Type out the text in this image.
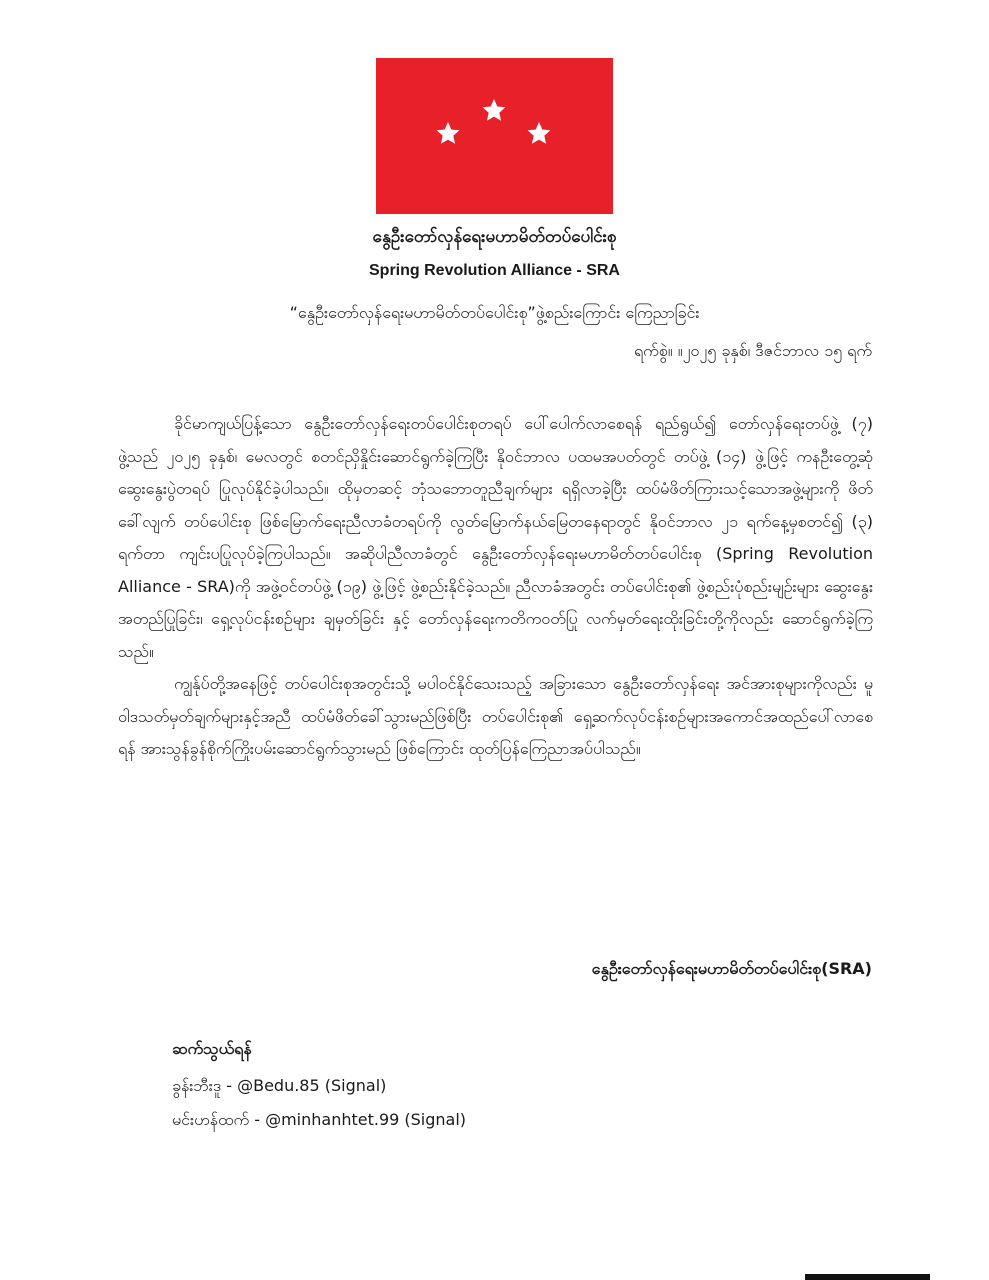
နွေဦးတော်လှန်ရေးမဟာမိတ်တပ်ပေါင်းစု
Spring Revolution Alliance - SRA
“နွေဦးတော်လှန်ရေးမဟာမိတ်တပ်ပေါင်းစု”ဖွဲ့စည်းကြောင်း ကြေညာခြင်း
ရက်စွဲ။ ။၂၀၂၅ ခုနှစ်၊ ဒီဇင်ဘာလ ၁၅ ရက်

ခိုင်မာကျယ်ပြန့်သော နွေဦးတော်လှန်ရေးတပ်ပေါင်းစုတရပ် ပေါ်ပေါက်လာစေရန် ရည်ရွယ်၍ တော်လှန်ရေးတပ်ဖွဲ့ (၇) ဖွဲ့သည် ၂၀၂၅ ခုနှစ်၊ မေလတွင် စတင်ညှိနှိုင်းဆောင်ရွက်ခဲ့ကြပြီး နိုဝင်ဘာလ ပထမအပတ်တွင် တပ်ဖွဲ့ (၁၄) ဖွဲ့ဖြင့် ကနဦးတွေ့ဆုံဆွေးနွေးပွဲတရပ် ပြုလုပ်နိုင်ခဲ့ပါသည်။ ထိုမှတဆင့် ဘုံသဘောတူညီချက်များ ရရှိလာခဲ့ပြီး ထပ်မံဖိတ်ကြားသင့်သောအဖွဲ့များကို ဖိတ်ခေါ်လျက် တပ်ပေါင်းစု ဖြစ်မြောက်ရေးညီလာခံတရပ်ကို လွတ်မြောက်နယ်မြေတနေရာတွင် နိုဝင်ဘာလ ၂၁ ရက်နေ့မှစတင်၍ (၃) ရက်တာ ကျင်းပပြုလုပ်ခဲ့ကြပါသည်။ အဆိုပါညီလာခံတွင် နွေဦးတော်လှန်ရေးမဟာမိတ်တပ်ပေါင်းစု (Spring Revolution Alliance - SRA)ကို အဖွဲ့ဝင်တပ်ဖွဲ့ (၁၉) ဖွဲ့ဖြင့် ဖွဲ့စည်းနိုင်ခဲ့သည်။ ညီလာခံအတွင်း တပ်ပေါင်းစု၏ ဖွဲ့စည်းပုံစည်းမျဉ်းများ ဆွေးနွေးအတည်ပြုခြင်း၊ ရှေ့လုပ်ငန်းစဉ်များ ချမှတ်ခြင်း နှင့် တော်လှန်ရေးကတိကဝတ်ပြု လက်မှတ်ရေးထိုးခြင်းတို့ကိုလည်း ဆောင်ရွက်ခဲ့ကြသည်။

ကျွန်ုပ်တို့အနေဖြင့် တပ်ပေါင်းစုအတွင်းသို့ မပါဝင်နိုင်သေးသည့် အခြားသော နွေဦးတော်လှန်ရေး အင်အားစုများကိုလည်း မူဝါဒသတ်မှတ်ချက်များနှင့်အညီ ထပ်မံဖိတ်ခေါ်သွားမည်ဖြစ်ပြီး တပ်ပေါင်းစု၏ ရှေ့ဆက်လုပ်ငန်းစဉ်များအကောင်အထည်ပေါ်လာစေရန် အားသွန်ခွန်စိုက်ကြိုးပမ်းဆောင်ရွက်သွားမည် ဖြစ်ကြောင်း ထုတ်ပြန်ကြေညာအပ်ပါသည်။

နွေဦးတော်လှန်ရေးမဟာမိတ်တပ်ပေါင်းစု(SRA)
ဆက်သွယ်ရန်
ခွန်းဘီးဒူ - @Bedu.85 (Signal)
မင်းဟန်ထက် - @minhanhtet.99 (Signal)
